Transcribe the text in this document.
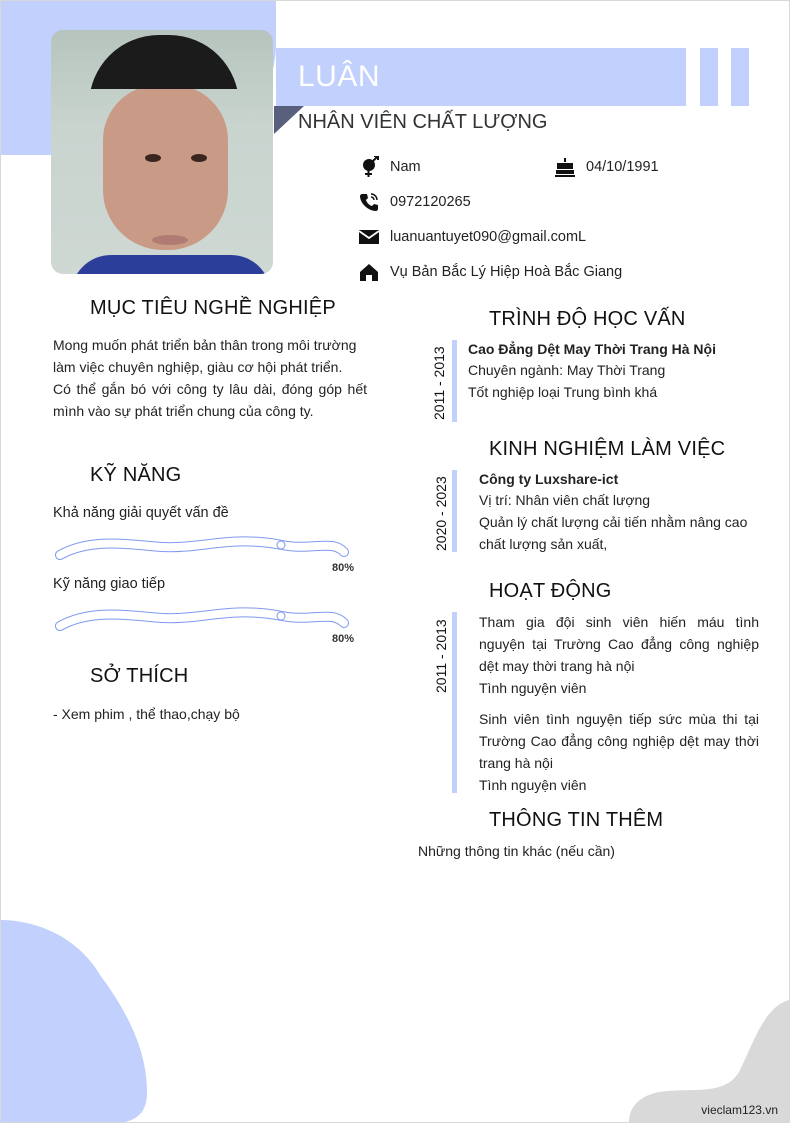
LUÂN
NHÂN VIÊN CHẤT LƯỢNG
Nam	04/10/1991
0972120265
luanuantuyet090@gmail.comL
Vụ Bản Bắc Lý Hiệp Hoà Bắc Giang
MỤC TIÊU NGHỀ NGHIỆP
Mong muốn phát triển bản thân trong môi trường
làm việc chuyên nghiệp, giàu cơ hội phát triển.
Có thể gắn bó với công ty lâu dài, đóng góp hết
mình vào sự phát triển chung của công ty.
KỸ NĂNG
Khả năng giải quyết vấn đề
80%
Kỹ năng giao tiếp
80%
SỞ THÍCH
- Xem phim , thể thao,chạy bộ
TRÌNH ĐỘ HỌC VẤN
2011 - 2013 Cao Đẳng Dệt May Thời Trang Hà Nội
Chuyên ngành: May Thời Trang
Tốt nghiệp loại Trung bình khá
KINH NGHIỆM LÀM VIỆC
2020 - 2023 Công ty Luxshare-ict
Vị trí: Nhân viên chất lượng
Quản lý chất lượng cải tiến nhằm nâng cao
chất lượng sản xuất,
HOẠT ĐỘNG
2011 - 2013 Tham gia đội sinh viên hiến máu tình
nguyện tại Trường Cao đẳng công nghiệp
dệt may thời trang hà nội
Tình nguyện viên
Sinh viên tình nguyện tiếp sức mùa thi tại
Trường Cao đẳng công nghiệp dệt may thời
trang hà nội
Tình nguyện viên
THÔNG TIN THÊM
Những thông tin khác (nếu cần)
vieclam123.vn
